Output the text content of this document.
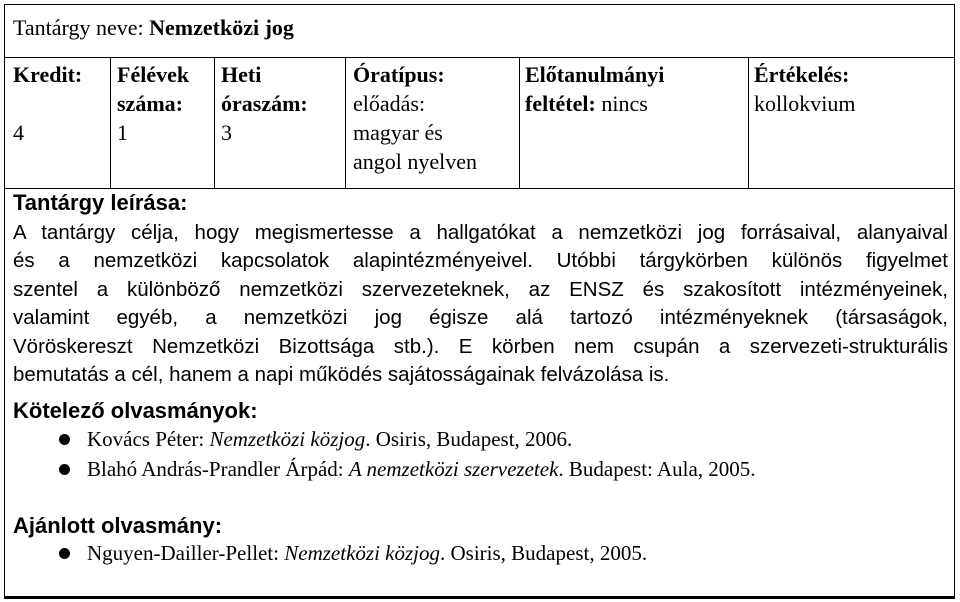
Tantárgy neve: Nemzetközi jog
Kredit:

4
Félévek
száma:
1
Heti
óraszám:
3
Óratípus:
előadás:
magyar és
angol nyelven
Előtanulmányi
feltétel: nincs
Értékelés:
kollokvium
Tantárgy leírása:
A tantárgy célja, hogy megismertesse a hallgatókat a nemzetközi jog forrásaival, alanyaival
és a nemzetközi kapcsolatok alapintézményeivel. Utóbbi tárgykörben különös figyelmet
szentel a különböző nemzetközi szervezeteknek, az ENSZ és szakosított intézményeinek,
valamint egyéb, a nemzetközi jog égisze alá tartozó intézményeknek (társaságok,
Vöröskereszt Nemzetközi Bizottsága stb.). E körben nem csupán a szervezeti-strukturális
bemutatás a cél, hanem a napi működés sajátosságainak felvázolása is.
Kötelező olvasmányok:
Kovács Péter: Nemzetközi közjog. Osiris, Budapest, 2006.
Blahó András-Prandler Árpád: A nemzetközi szervezetek. Budapest: Aula, 2005.
Ajánlott olvasmány:
Nguyen-Dailler-Pellet: Nemzetközi közjog. Osiris, Budapest, 2005.
